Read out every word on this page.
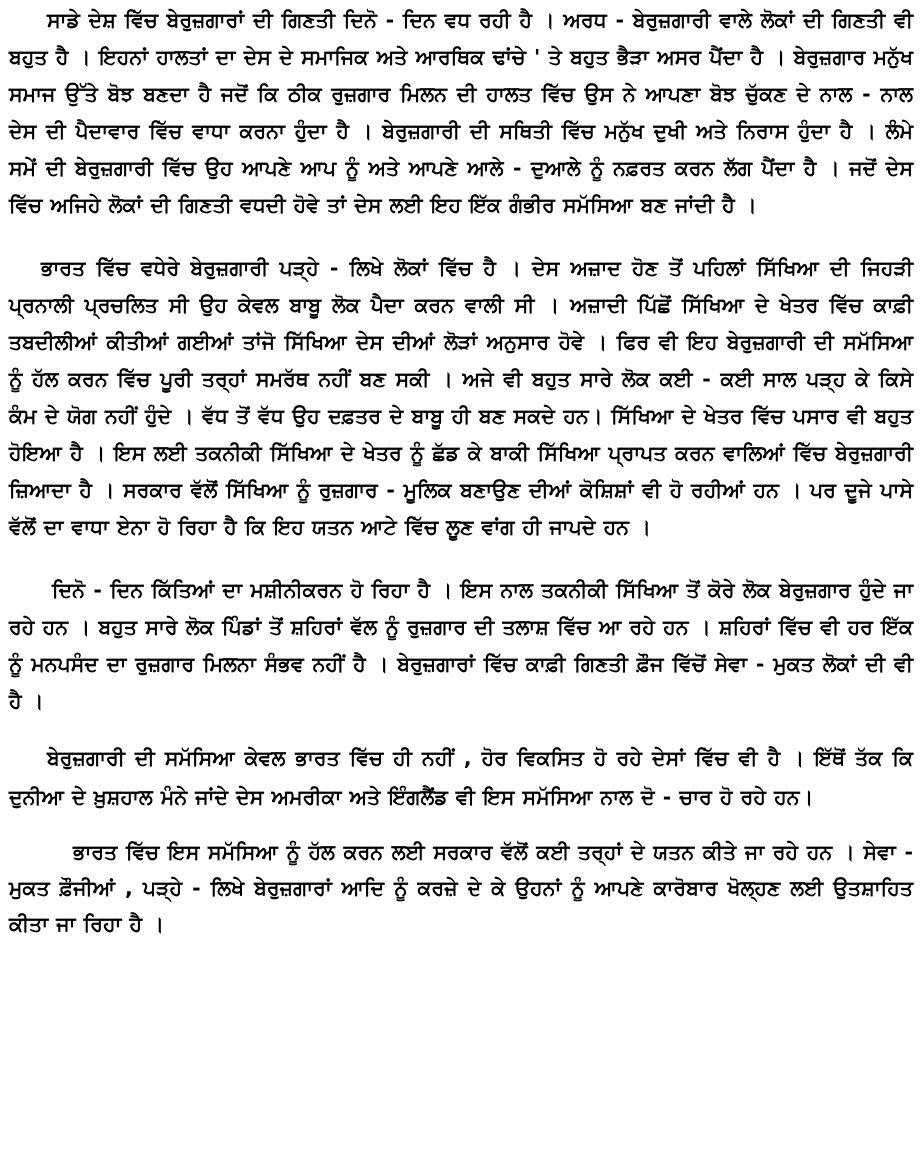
ਸਾਡੇ ਦੇਸ਼ ਵਿੱਚ ਬੇਰੁਜ਼ਗਾਰਾਂ ਦੀ ਗਿਣਤੀ ਦਿਨੋ - ਦਿਨ ਵਧ ਰਹੀ ਹੈ । ਅਰਧ - ਬੇਰੁਜ਼ਗਾਰੀ ਵਾਲੇ ਲੋਕਾਂ ਦੀ ਗਿਣਤੀ ਵੀ ਬਹੁਤ ਹੈ । ਇਹਨਾਂ ਹਾਲਤਾਂ ਦਾ ਦੇਸ ਦੇ ਸਮਾਜਿਕ ਅਤੇ ਆਰਥਿਕ ਢਾਂਚੇ ' ਤੇ ਬਹੁਤ ਭੈੜਾ ਅਸਰ ਪੈਂਦਾ ਹੈ । ਬੇਰੁਜ਼ਗਾਰ ਮਨੁੱਖ ਸਮਾਜ ਉੱਤੇ ਬੋਝ ਬਣਦਾ ਹੈ ਜਦੋਂ ਕਿ ਠੀਕ ਰੁਜ਼ਗਾਰ ਮਿਲਨ ਦੀ ਹਾਲਤ ਵਿੱਚ ਉਸ ਨੇ ਆਪਣਾ ਬੋਝ ਚੁੱਕਣ ਦੇ ਨਾਲ - ਨਾਲ ਦੇਸ ਦੀ ਪੈਦਾਵਾਰ ਵਿੱਚ ਵਾਧਾ ਕਰਨਾ ਹੁੰਦਾ ਹੈ । ਬੇਰੁਜ਼ਗਾਰੀ ਦੀ ਸਥਿਤੀ ਵਿੱਚ ਮਨੁੱਖ ਦੁਖੀ ਅਤੇ ਨਿਰਾਸ ਹੁੰਦਾ ਹੈ । ਲੰਮੇ ਸਮੇਂ ਦੀ ਬੇਰੁਜ਼ਗਾਰੀ ਵਿੱਚ ਉਹ ਆਪਣੇ ਆਪ ਨੂੰ ਅਤੇ ਆਪਣੇ ਆਲੇ - ਦੁਆਲੇ ਨੂੰ ਨਫ਼ਰਤ ਕਰਨ ਲੱਗ ਪੈਂਦਾ ਹੈ । ਜਦੋਂ ਦੇਸ ਵਿੱਚ ਅਜਿਹੇ ਲੋਕਾਂ ਦੀ ਗਿਣਤੀ ਵਧਦੀ ਹੋਵੇ ਤਾਂ ਦੇਸ ਲਈ ਇਹ ਇੱਕ ਗੰਭੀਰ ਸਮੱਸਿਆ ਬਣ ਜਾਂਦੀ ਹੈ ।

ਭਾਰਤ ਵਿੱਚ ਵਧੇਰੇ ਬੇਰੁਜ਼ਗਾਰੀ ਪੜ੍ਹੇ - ਲਿਖੇ ਲੋਕਾਂ ਵਿੱਚ ਹੈ । ਦੇਸ ਅਜ਼ਾਦ ਹੋਣ ਤੋਂ ਪਹਿਲਾਂ ਸਿੱਖਿਆ ਦੀ ਜਿਹੜੀ ਪ੍ਰਨਾਲੀ ਪ੍ਰਚਲਿਤ ਸੀ ਉਹ ਕੇਵਲ ਬਾਬੂ ਲੋਕ ਪੈਦਾ ਕਰਨ ਵਾਲੀ ਸੀ । ਅਜ਼ਾਦੀ ਪਿੱਛੋਂ ਸਿੱਖਿਆ ਦੇ ਖੇਤਰ ਵਿੱਚ ਕਾਫ਼ੀ ਤਬਦੀਲੀਆਂ ਕੀਤੀਆਂ ਗਈਆਂ ਤਾਂਜੋ ਸਿੱਖਿਆ ਦੇਸ ਦੀਆਂ ਲੋੜਾਂ ਅਨੁਸਾਰ ਹੋਵੇ । ਫਿਰ ਵੀ ਇਹ ਬੇਰੁਜ਼ਗਾਰੀ ਦੀ ਸਮੱਸਿਆ ਨੂੰ ਹੱਲ ਕਰਨ ਵਿੱਚ ਪੂਰੀ ਤਰ੍ਹਾਂ ਸਮਰੱਥ ਨਹੀਂ ਬਣ ਸਕੀ । ਅਜੇ ਵੀ ਬਹੁਤ ਸਾਰੇ ਲੋਕ ਕਈ - ਕਈ ਸਾਲ ਪੜ੍ਹ ਕੇ ਕਿਸੇ ਕੰਮ ਦੇ ਯੋਗ ਨਹੀਂ ਹੁੰਦੇ । ਵੱਧ ਤੋਂ ਵੱਧ ਉਹ ਦਫ਼ਤਰ ਦੇ ਬਾਬੂ ਹੀ ਬਣ ਸਕਦੇ ਹਨ। ਸਿੱਖਿਆ ਦੇ ਖੇਤਰ ਵਿੱਚ ਪਸਾਰ ਵੀ ਬਹੁਤ ਹੋਇਆ ਹੈ । ਇਸ ਲਈ ਤਕਨੀਕੀ ਸਿੱਖਿਆ ਦੇ ਖੇਤਰ ਨੂੰ ਛੱਡ ਕੇ ਬਾਕੀ ਸਿੱਖਿਆ ਪ੍ਰਾਪਤ ਕਰਨ ਵਾਲਿਆਂ ਵਿੱਚ ਬੇਰੁਜ਼ਗਾਰੀ ਜ਼ਿਆਦਾ ਹੈ । ਸਰਕਾਰ ਵੱਲੋਂ ਸਿੱਖਿਆ ਨੂੰ ਰੁਜ਼ਗਾਰ - ਮੂਲਿਕ ਬਣਾਉਣ ਦੀਆਂ ਕੋਸ਼ਿਸ਼ਾਂ ਵੀ ਹੋ ਰਹੀਆਂ ਹਨ । ਪਰ ਦੂਜੇ ਪਾਸੇ ਵੱਲੋਂ ਦਾ ਵਾਧਾ ਏਨਾ ਹੋ ਰਿਹਾ ਹੈ ਕਿ ਇਹ ਯਤਨ ਆਟੇ ਵਿੱਚ ਲੂਣ ਵਾਂਗ ਹੀ ਜਾਪਦੇ ਹਨ ।

ਦਿਨੋ - ਦਿਨ ਕਿੱਤਿਆਂ ਦਾ ਮਸ਼ੀਨੀਕਰਨ ਹੋ ਰਿਹਾ ਹੈ । ਇਸ ਨਾਲ ਤਕਨੀਕੀ ਸਿੱਖਿਆ ਤੋਂ ਕੋਰੇ ਲੋਕ ਬੇਰੁਜ਼ਗਾਰ ਹੁੰਦੇ ਜਾ ਰਹੇ ਹਨ । ਬਹੁਤ ਸਾਰੇ ਲੋਕ ਪਿੰਡਾਂ ਤੋਂ ਸ਼ਹਿਰਾਂ ਵੱਲ ਨੂੰ ਰੁਜ਼ਗਾਰ ਦੀ ਤਲਾਸ਼ ਵਿੱਚ ਆ ਰਹੇ ਹਨ । ਸ਼ਹਿਰਾਂ ਵਿੱਚ ਵੀ ਹਰ ਇੱਕ ਨੂੰ ਮਨਪਸੰਦ ਦਾ ਰੁਜ਼ਗਾਰ ਮਿਲਨਾ ਸੰਭਵ ਨਹੀਂ ਹੈ । ਬੇਰੁਜ਼ਗਾਰਾਂ ਵਿੱਚ ਕਾਫ਼ੀ ਗਿਣਤੀ ਫ਼ੌਜ ਵਿੱਚੋਂ ਸੇਵਾ - ਮੁਕਤ ਲੋਕਾਂ ਦੀ ਵੀ ਹੈ ।

ਬੇਰੁਜ਼ਗਾਰੀ ਦੀ ਸਮੱਸਿਆ ਕੇਵਲ ਭਾਰਤ ਵਿੱਚ ਹੀ ਨਹੀਂ , ਹੋਰ ਵਿਕਸਿਤ ਹੋ ਰਹੇ ਦੇਸਾਂ ਵਿੱਚ ਵੀ ਹੈ । ਇੱਥੋਂ ਤੱਕ ਕਿ ਦੁਨੀਆ ਦੇ ਖ਼ੁਸ਼ਹਾਲ ਮੰਨੇ ਜਾਂਦੇ ਦੇਸ ਅਮਰੀਕਾ ਅਤੇ ਇੰਗਲੈਂਡ ਵੀ ਇਸ ਸਮੱਸਿਆ ਨਾਲ ਦੋ - ਚਾਰ ਹੋ ਰਹੇ ਹਨ।

ਭਾਰਤ ਵਿੱਚ ਇਸ ਸਮੱਸਿਆ ਨੂੰ ਹੱਲ ਕਰਨ ਲਈ ਸਰਕਾਰ ਵੱਲੋਂ ਕਈ ਤਰ੍ਹਾਂ ਦੇ ਯਤਨ ਕੀਤੇ ਜਾ ਰਹੇ ਹਨ । ਸੇਵਾ - ਮੁਕਤ ਫ਼ੌਜੀਆਂ , ਪੜ੍ਹੇ - ਲਿਖੇ ਬੇਰੁਜ਼ਗਾਰਾਂ ਆਦਿ ਨੂੰ ਕਰਜ਼ੇ ਦੇ ਕੇ ਉਹਨਾਂ ਨੂੰ ਆਪਣੇ ਕਾਰੋਬਾਰ ਖੋਲ੍ਹਣ ਲਈ ਉਤਸ਼ਾਹਿਤ ਕੀਤਾ ਜਾ ਰਿਹਾ ਹੈ ।
